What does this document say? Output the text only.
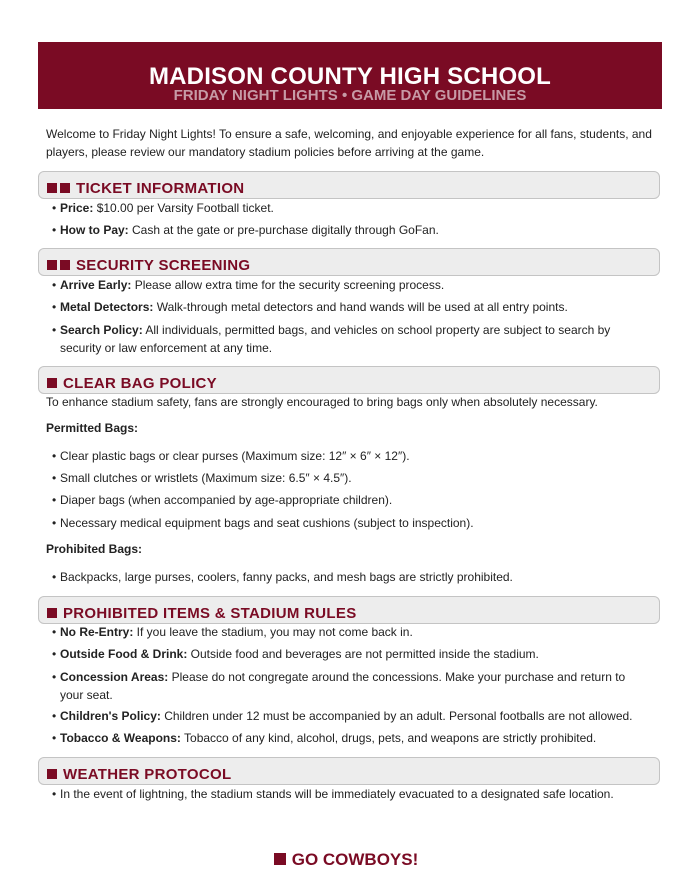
MADISON COUNTY HIGH SCHOOL
FRIDAY NIGHT LIGHTS • GAME DAY GUIDELINES
Welcome to Friday Night Lights! To ensure a safe, welcoming, and enjoyable experience for all fans, students, and players, please review our mandatory stadium policies before arriving at the game.
TICKET INFORMATION
• Price: $10.00 per Varsity Football ticket.
• How to Pay: Cash at the gate or pre-purchase digitally through GoFan.
SECURITY SCREENING
• Arrive Early: Please allow extra time for the security screening process.
• Metal Detectors: Walk-through metal detectors and hand wands will be used at all entry points.
• Search Policy: All individuals, permitted bags, and vehicles on school property are subject to search by security or law enforcement at any time.
CLEAR BAG POLICY
To enhance stadium safety, fans are strongly encouraged to bring bags only when absolutely necessary.
Permitted Bags:
• Clear plastic bags or clear purses (Maximum size: 12″ × 6″ × 12″).
• Small clutches or wristlets (Maximum size: 6.5″ × 4.5″).
• Diaper bags (when accompanied by age-appropriate children).
• Necessary medical equipment bags and seat cushions (subject to inspection).
Prohibited Bags:
• Backpacks, large purses, coolers, fanny packs, and mesh bags are strictly prohibited.
PROHIBITED ITEMS & STADIUM RULES
• No Re-Entry: If you leave the stadium, you may not come back in.
• Outside Food & Drink: Outside food and beverages are not permitted inside the stadium.
• Concession Areas: Please do not congregate around the concessions. Make your purchase and return to your seat.
• Children's Policy: Children under 12 must be accompanied by an adult. Personal footballs are not allowed.
• Tobacco & Weapons: Tobacco of any kind, alcohol, drugs, pets, and weapons are strictly prohibited.
WEATHER PROTOCOL
• In the event of lightning, the stadium stands will be immediately evacuated to a designated safe location.
GO COWBOYS!
